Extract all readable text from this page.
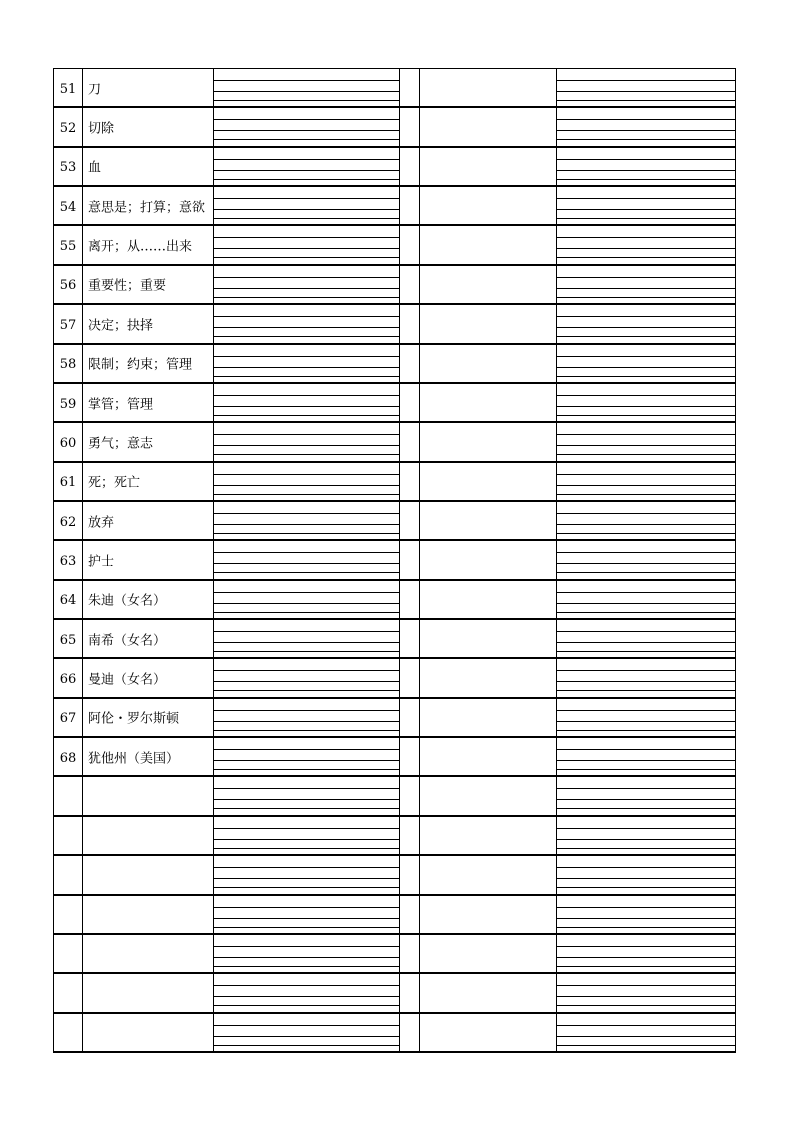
51 刀
52 切除
53 血
54 意思是；打算；意欲
55 离开；从……出来
56 重要性；重要
57 决定；抉择
58 限制；约束；管理
59 掌管；管理
60 勇气；意志
61 死；死亡
62 放弃
63 护士
64 朱迪（女名）
65 南希（女名）
66 曼迪（女名）
67 阿伦・罗尔斯顿
68 犹他州（美国）
